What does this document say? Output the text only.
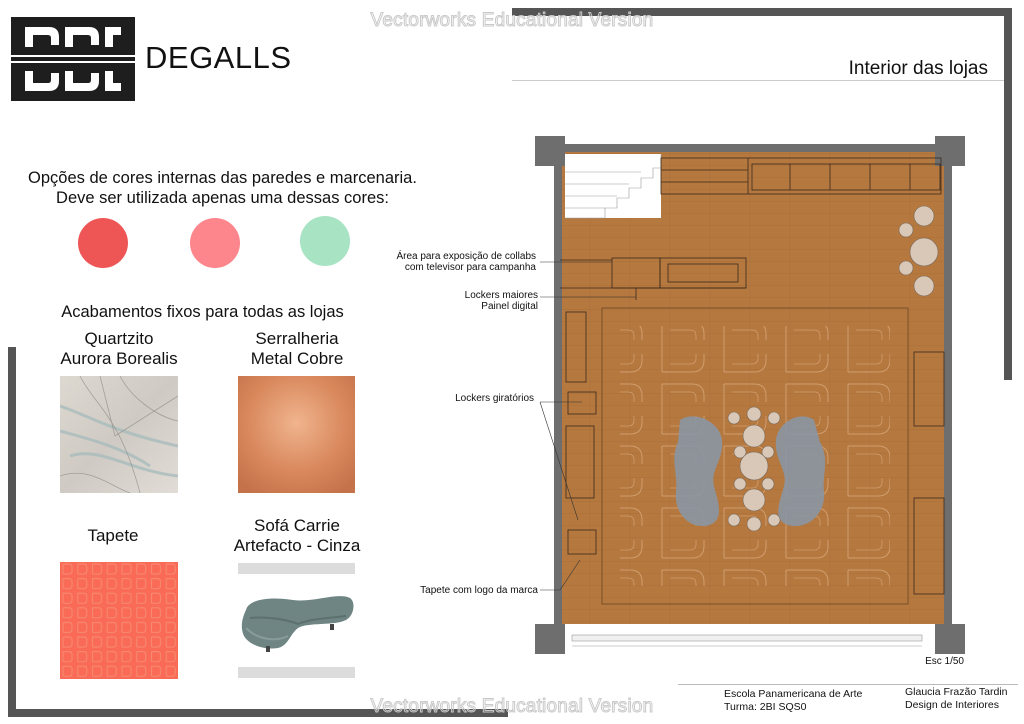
Vectorworks Educational Version
Vectorworks Educational Version
DEGALLS	Interior das lojas
Opções de cores internas das paredes e marcenaria.
Deve ser utilizada apenas uma dessas cores:
Acabamentos fixos para todas as lojas
Quartzito
Aurora Borealis
Serralheria
Metal Cobre
Tapete
Sofá Carrie
Artefacto - Cinza
Área para exposição de collabs
com televisor para campanha
Lockers maiores
Painel digital
Lockers giratórios
Tapete com logo da marca
Esc 1/50
Escola Panamericana de Arte
Turma: 2BI SQS0
Glaucia Frazão Tardin
Design de Interiores
